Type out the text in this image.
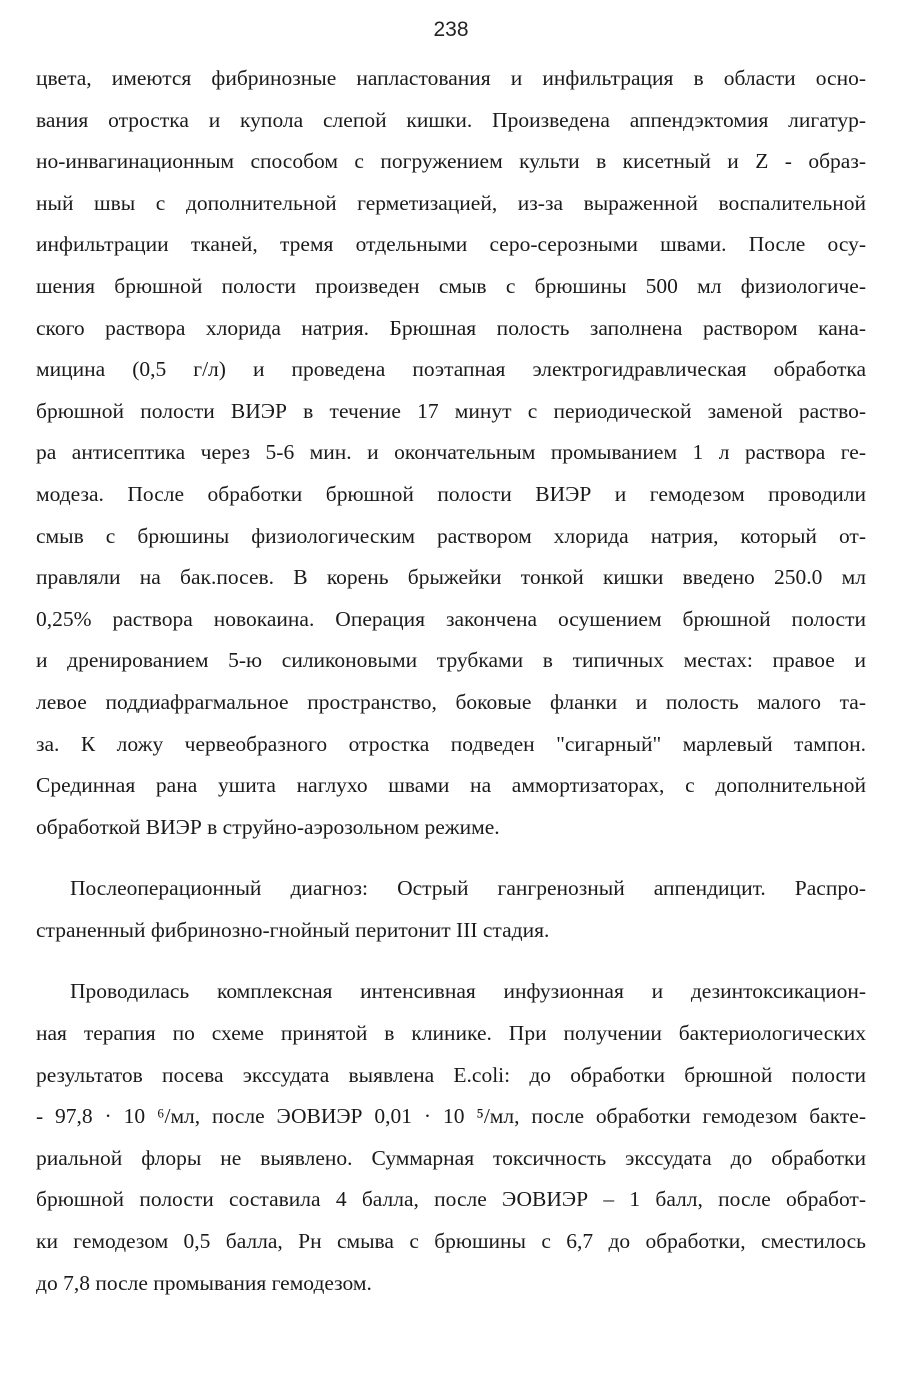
238
цвета, имеются фибринозные напластования и инфильтрация в области осно-
вания отростка и купола слепой кишки. Произведена аппендэктомия лигатур-
но-инвагинационным способом с погружением культи в кисетный и Z - образ-
ный швы с дополнительной герметизацией, из-за выраженной воспалительной
инфильтрации тканей, тремя отдельными серо-серозными швами. После осу-
шения брюшной полости произведен смыв с брюшины 500 мл физиологиче-
ского раствора хлорида натрия. Брюшная полость заполнена раствором кана-
мицина (0,5 г/л) и проведена поэтапная электрогидравлическая обработка
брюшной полости ВИЭР в течение 17 минут с периодической заменой раство-
ра антисептика через 5-6 мин. и окончательным промыванием 1 л раствора ге-
модеза. После обработки брюшной полости ВИЭР и гемодезом проводили
смыв с брюшины физиологическим раствором хлорида натрия, который от-
правляли на бак.посев. В корень брыжейки тонкой кишки введено 250.0 мл
0,25% раствора новокаина. Операция закончена осушением брюшной полости
и дренированием 5-ю силиконовыми трубками в типичных местах: правое и
левое поддиафрагмальное пространство, боковые фланки и полость малого та-
за. К ложу червеобразного отростка подведен "сигарный" марлевый тампон.
Срединная рана ушита наглухо швами на аммортизаторах, с дополнительной
обработкой ВИЭР в струйно-аэрозольном режиме.
Послеоперационный диагноз: Острый гангренозный аппендицит. Распро-
страненный фибринозно-гнойный перитонит III стадия.
Проводилась комплексная интенсивная инфузионная и дезинтоксикацион-
ная терапия по схеме принятой в клинике. При получении бактериологических
результатов посева экссудата выявлена E.coli: до обработки брюшной полости
- 97,8 · 10 ⁶/мл, после ЭОВИЭР 0,01 · 10 ⁵/мл, после обработки гемодезом бакте-
риальной флоры не выявлено. Суммарная токсичность экссудата до обработки
брюшной полости составила 4 балла, после ЭОВИЭР – 1 балл, после обработ-
ки гемодезом 0,5 балла, Рн смыва с брюшины с 6,7 до обработки, сместилось
до 7,8 после промывания гемодезом.
